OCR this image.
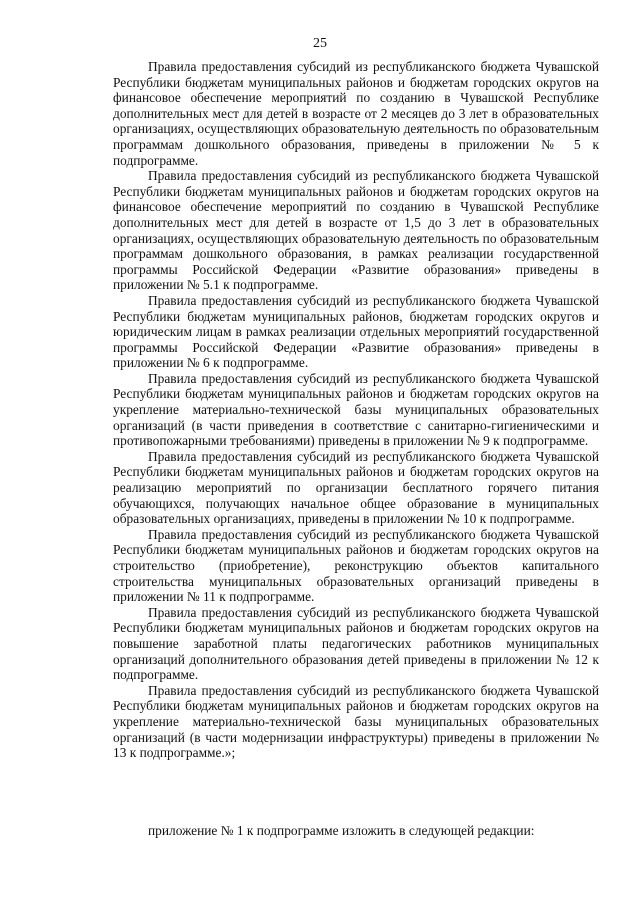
25

Правила предоставления субсидий из республиканского бюджета Чувашской Республики бюджетам муниципальных районов и бюджетам городских округов на финансовое обеспечение мероприятий по созданию в Чувашской Республике дополнительных мест для детей в возрасте от 2 месяцев до 3 лет в образовательных организациях, осуществляющих образовательную деятельность по образовательным программам дошкольного образования, приведены в приложении № 5 к подпрограмме.

Правила предоставления субсидий из республиканского бюджета Чувашской Республики бюджетам муниципальных районов и бюджетам городских округов на финансовое обеспечение мероприятий по созданию в Чувашской Республике дополнительных мест для детей в возрасте от 1,5 до 3 лет в образовательных организациях, осуществляющих образовательную деятельность по образовательным программам дошкольного образования, в рамках реализации государственной программы Российской Федерации «Развитие образования» приведены в приложении № 5.1 к подпрограмме.

Правила предоставления субсидий из республиканского бюджета Чувашской Республики бюджетам муниципальных районов, бюджетам городских округов и юридическим лицам в рамках реализации отдельных мероприятий государственной программы Российской Федерации «Развитие образования» приведены в приложении № 6 к подпрограмме.

Правила предоставления субсидий из республиканского бюджета Чувашской Республики бюджетам муниципальных районов и бюджетам городских округов на укрепление материально-технической базы муниципальных образовательных организаций (в части приведения в соответствие с санитарно-гигиеническими и противопожарными требованиями) приведены в приложении № 9 к подпрограмме.

Правила предоставления субсидий из республиканского бюджета Чувашской Республики бюджетам муниципальных районов и бюджетам городских округов на реализацию мероприятий по организации бесплатного горячего питания обучающихся, получающих начальное общее образование в муниципальных образовательных организациях, приведены в приложении № 10 к подпрограмме.

Правила предоставления субсидий из республиканского бюджета Чувашской Республики бюджетам муниципальных районов и бюджетам городских округов на строительство (приобретение), реконструкцию объектов капитального строительства муниципальных образовательных организаций приведены в приложении № 11 к подпрограмме.

Правила предоставления субсидий из республиканского бюджета Чувашской Республики бюджетам муниципальных районов и бюджетам городских округов на повышение заработной платы педагогических работников муниципальных организаций дополнительного образования детей приведены в приложении № 12 к подпрограмме.

Правила предоставления субсидий из республиканского бюджета Чувашской Республики бюджетам муниципальных районов и бюджетам городских округов на укрепление материально-технической базы муниципальных образовательных организаций (в части модернизации инфраструктуры) приведены в приложении № 13 к подпрограмме.»;

приложение № 1 к подпрограмме изложить в следующей редакции:
